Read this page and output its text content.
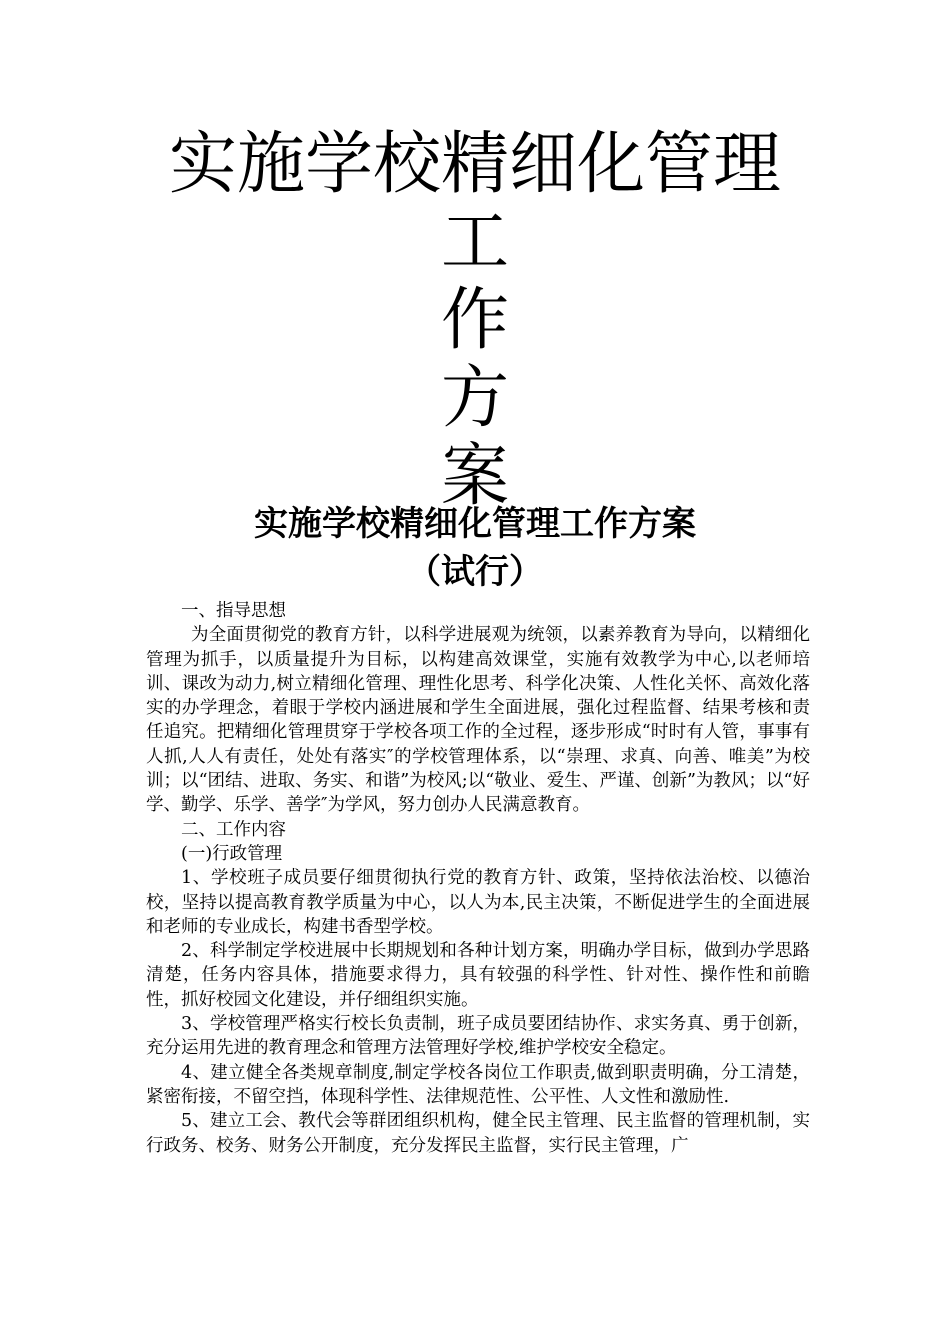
实施学校精细化管理
工
作
方
案
实施学校精细化管理工作方案
（试行）

一、指导思想

为全面贯彻党的教育方针，以科学进展观为统领，以素养教育为导向，以精细化管理为抓手，以质量提升为目标，以构建高效课堂，实施有效教学为中心,以老师培训、课改为动力,树立精细化管理、理性化思考、科学化决策、人性化关怀、高效化落实的办学理念，着眼于学校内涵进展和学生全面进展，强化过程监督、结果考核和责任追究。把精细化管理贯穿于学校各项工作的全过程，逐步形成“时时有人管，事事有人抓,人人有责任，处处有落实″的学校管理体系，以“崇理、求真、向善、唯美”为校训；以“团结、进取、务实、和谐”为校风;以“敬业、爱生、严谨、创新”为教风；以“好学、勤学、乐学、善学″为学风，努力创办人民满意教育。

二、工作内容

(一)行政管理

1、学校班子成员要仔细贯彻执行党的教育方针、政策，坚持依法治校、以德治校，坚持以提高教育教学质量为中心，以人为本,民主决策，不断促进学生的全面进展和老师的专业成长，构建书香型学校。

2、科学制定学校进展中长期规划和各种计划方案，明确办学目标，做到办学思路清楚，任务内容具体，措施要求得力，具有较强的科学性、针对性、操作性和前瞻性，抓好校园文化建设，并仔细组织实施。

3、学校管理严格实行校长负责制，班子成员要团结协作、求实务真、勇于创新，充分运用先进的教育理念和管理方法管理好学校,维护学校安全稳定。

4、建立健全各类规章制度,制定学校各岗位工作职责,做到职责明确，分工清楚，紧密衔接，不留空挡，体现科学性、法律规范性、公平性、人文性和激励性.

5、建立工会、教代会等群团组织机构，健全民主管理、民主监督的管理机制，实行政务、校务、财务公开制度，充分发挥民主监督，实行民主管理，广
